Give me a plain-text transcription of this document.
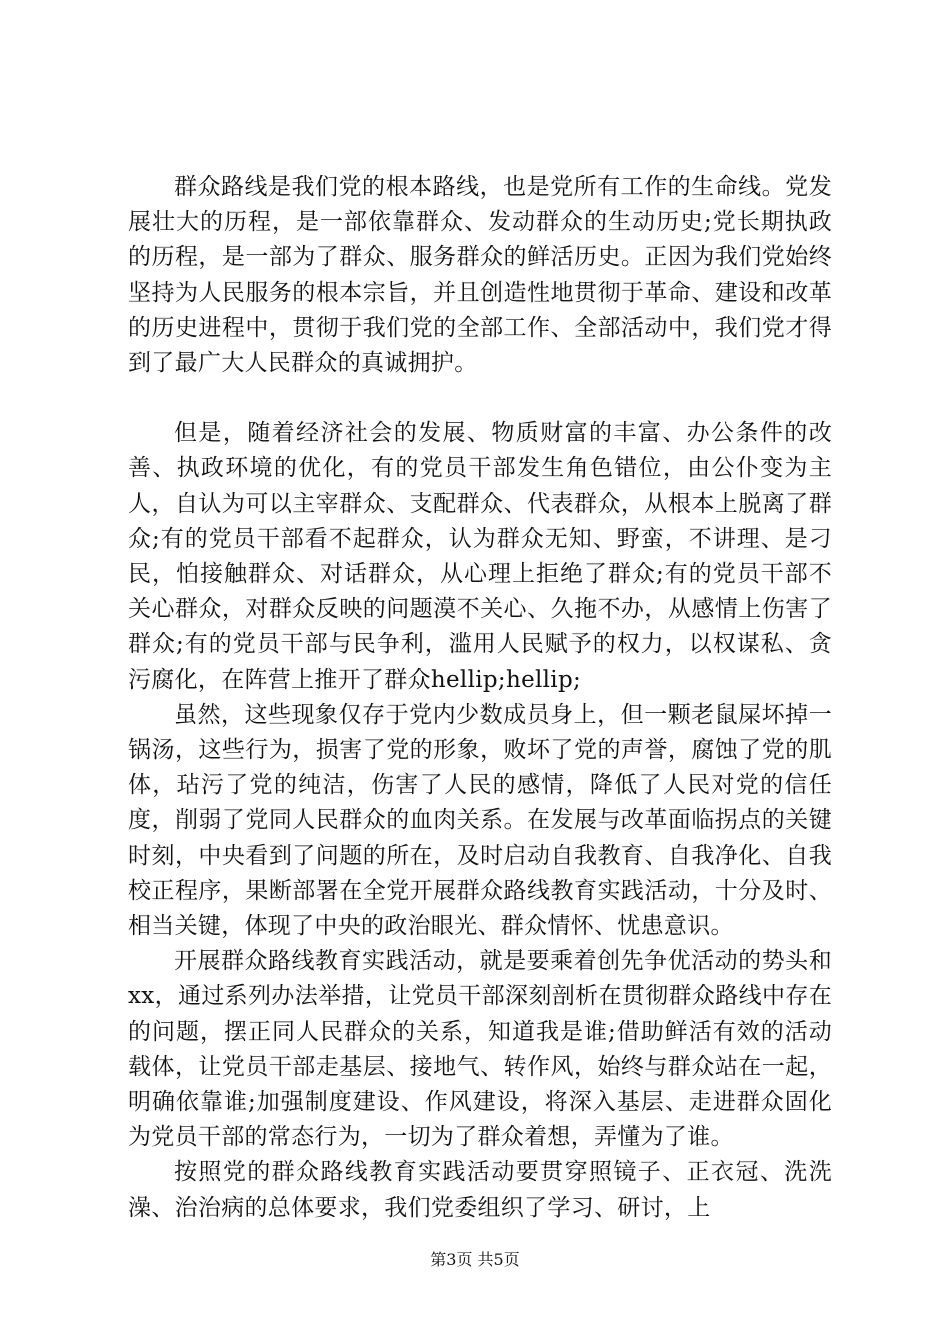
群众路线是我们党的根本路线，也是党所有工作的生命线。党发展壮大的历程，是一部依靠群众、发动群众的生动历史;党长期执政的历程，是一部为了群众、服务群众的鲜活历史。正因为我们党始终坚持为人民服务的根本宗旨，并且创造性地贯彻于革命、建设和改革的历史进程中，贯彻于我们党的全部工作、全部活动中，我们党才得到了最广大人民群众的真诚拥护。

但是，随着经济社会的发展、物质财富的丰富、办公条件的改善、执政环境的优化，有的党员干部发生角色错位，由公仆变为主人，自认为可以主宰群众、支配群众、代表群众，从根本上脱离了群众;有的党员干部看不起群众，认为群众无知、野蛮，不讲理、是刁民，怕接触群众、对话群众，从心理上拒绝了群众;有的党员干部不关心群众，对群众反映的问题漠不关心、久拖不办，从感情上伤害了群众;有的党员干部与民争利，滥用人民赋予的权力，以权谋私、贪污腐化，在阵营上推开了群众hellip;hellip;

虽然，这些现象仅存于党内少数成员身上，但一颗老鼠屎坏掉一锅汤，这些行为，损害了党的形象，败坏了党的声誉，腐蚀了党的肌体，玷污了党的纯洁，伤害了人民的感情，降低了人民对党的信任度，削弱了党同人民群众的血肉关系。在发展与改革面临拐点的关键时刻，中央看到了问题的所在，及时启动自我教育、自我净化、自我校正程序，果断部署在全党开展群众路线教育实践活动，十分及时、相当关键，体现了中央的政治眼光、群众情怀、忧患意识。

开展群众路线教育实践活动，就是要乘着创先争优活动的势头和xx，通过系列办法举措，让党员干部深刻剖析在贯彻群众路线中存在的问题，摆正同人民群众的关系，知道我是谁;借助鲜活有效的活动载体，让党员干部走基层、接地气、转作风，始终与群众站在一起，明确依靠谁;加强制度建设、作风建设，将深入基层、走进群众固化为党员干部的常态行为，一切为了群众着想，弄懂为了谁。

按照党的群众路线教育实践活动要贯穿照镜子、正衣冠、洗洗澡、治治病的总体要求，我们党委组织了学习、研讨，上

第3页 共5页
